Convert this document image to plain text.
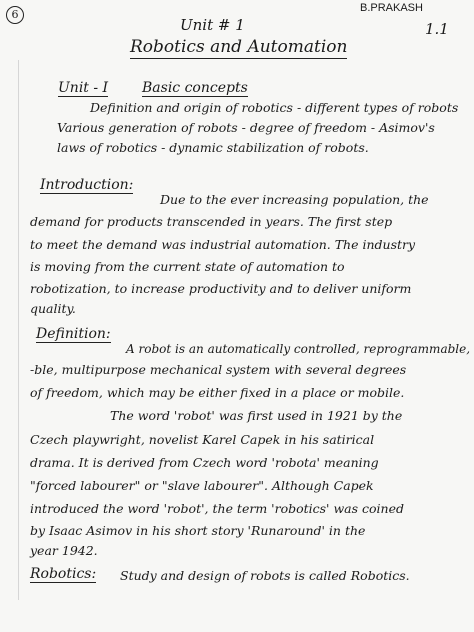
6	B.PRAKASH
1.1
Unit # 1
Robotics and Automation
Unit - I Basic concepts
Definition and origin of robotics - different types of robots
Various generation of robots - degree of freedom - Asimov's
laws of robotics - dynamic stabilization of robots.
Introduction:
Due to the ever increasing population, the
demand for products transcended in years. The first step
to meet the demand was industrial automation. The industry
is moving from the current state of automation to
robotization, to increase productivity and to deliver uniform
quality.
Definition:
A robot is an automatically controlled, reprogrammable,
-ble, multipurpose mechanical system with several degrees
of freedom, which may be either fixed in a place or mobile.
The word 'robot' was first used in 1921 by the
Czech playwright, novelist Karel Capek in his satirical
drama. It is derived from Czech word 'robota' meaning
"forced labourer" or "slave labourer". Although Capek
introduced the word 'robot', the term 'robotics' was coined
by Isaac Asimov in his short story 'Runaround' in the
year 1942.
Robotics: Study and design of robots is called Robotics.
